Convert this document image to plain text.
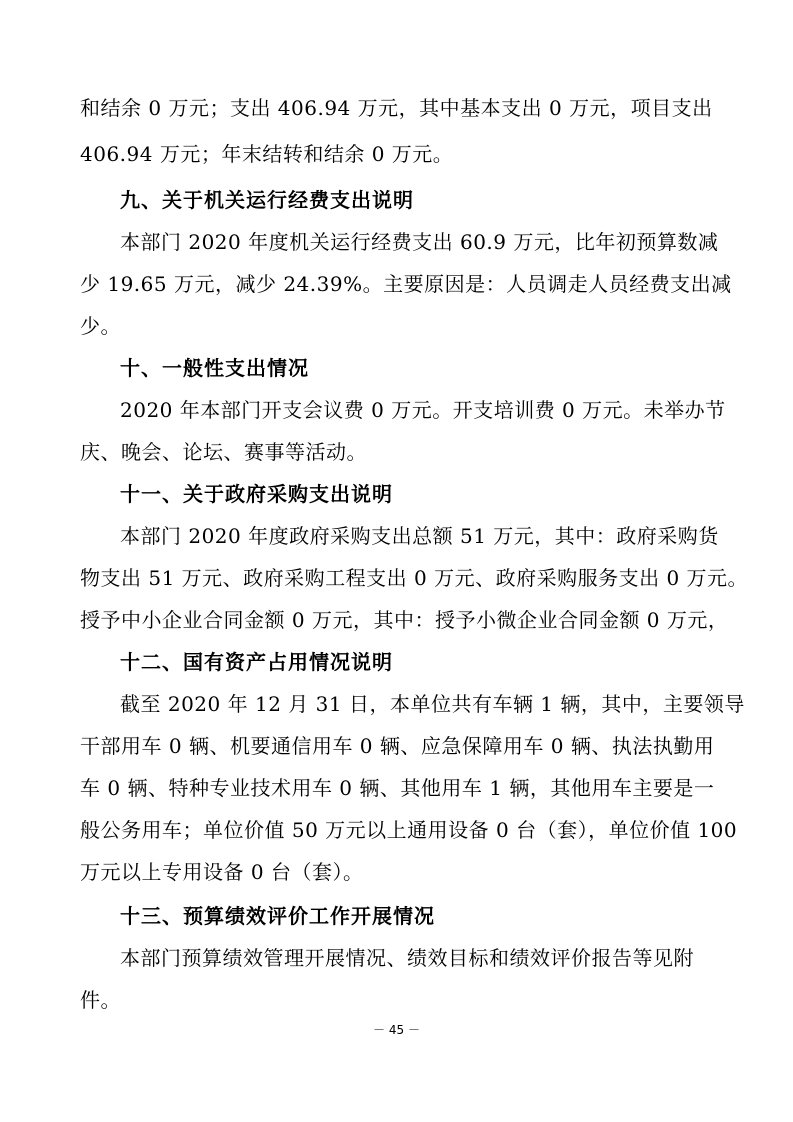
和结余 0 万元；支出 406.94 万元，其中基本支出 0 万元，项目支出
406.94 万元；年末结转和结余 0 万元。
九、关于机关运行经费支出说明
本部门 2020 年度机关运行经费支出 60.9 万元，比年初预算数减
少 19.65 万元，减少 24.39%。主要原因是：人员调走人员经费支出减
少。
十、一般性支出情况
2020 年本部门开支会议费 0 万元。开支培训费 0 万元。未举办节
庆、晚会、论坛、赛事等活动。
十一、关于政府采购支出说明
本部门 2020 年度政府采购支出总额 51 万元，其中：政府采购货
物支出 51 万元、政府采购工程支出 0 万元、政府采购服务支出 0 万元。
授予中小企业合同金额 0 万元，其中：授予小微企业合同金额 0 万元，
十二、国有资产占用情况说明
截至 2020 年 12 月 31 日，本单位共有车辆 1 辆，其中，主要领导
干部用车 0 辆、机要通信用车 0 辆、应急保障用车 0 辆、执法执勤用
车 0 辆、特种专业技术用车 0 辆、其他用车 1 辆，其他用车主要是一
般公务用车；单位价值 50 万元以上通用设备 0 台（套），单位价值 100
万元以上专用设备 0 台（套）。
十三、预算绩效评价工作开展情况
本部门预算绩效管理开展情况、绩效目标和绩效评价报告等见附
件。
－ 45 －
